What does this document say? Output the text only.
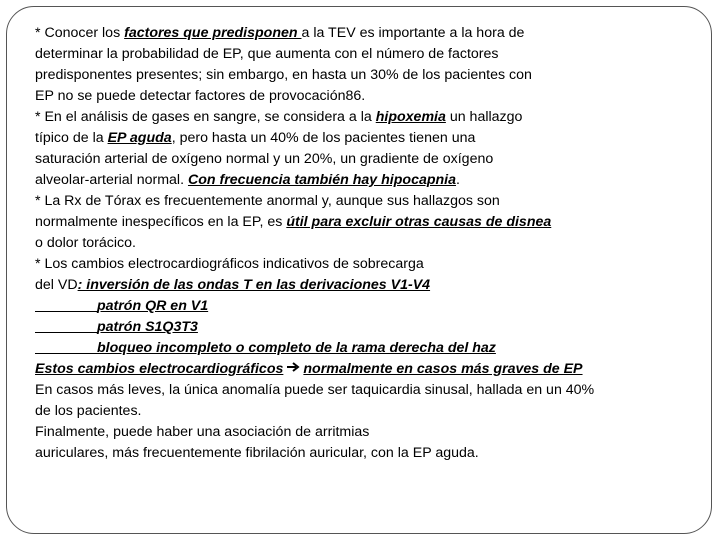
* Conocer los factores que predisponen a la TEV es importante a la hora de
determinar la probabilidad de EP, que aumenta con el número de factores
predisponentes presentes; sin embargo, en hasta un 30% de los pacientes con
EP no se puede detectar factores de provocación86.
* En el análisis de gases en sangre, se considera a la hipoxemia un hallazgo
típico de la EP aguda, pero hasta un 40% de los pacientes tienen una
saturación arterial de oxígeno normal y un 20%, un gradiente de oxígeno
alveolar-arterial normal. Con frecuencia también hay hipocapnia.
* La Rx de Tórax es frecuentemente anormal y, aunque sus hallazgos son
normalmente inespecíficos en la EP, es útil para excluir otras causas de disnea
o dolor torácico.
* Los cambios electrocardiográficos indicativos de sobrecarga
del VD: inversión de las ondas T en las derivaciones V1-V4
patrón QR en V1
patrón S1Q3T3
bloqueo incompleto o completo de la rama derecha del haz
Estos cambios electrocardiográficos normalmente en casos más graves de EP
En casos más leves, la única anomalía puede ser taquicardia sinusal, hallada en un 40%
de los pacientes.
Finalmente, puede haber una asociación de arritmias
auriculares, más frecuentemente fibrilación auricular, con la EP aguda.
